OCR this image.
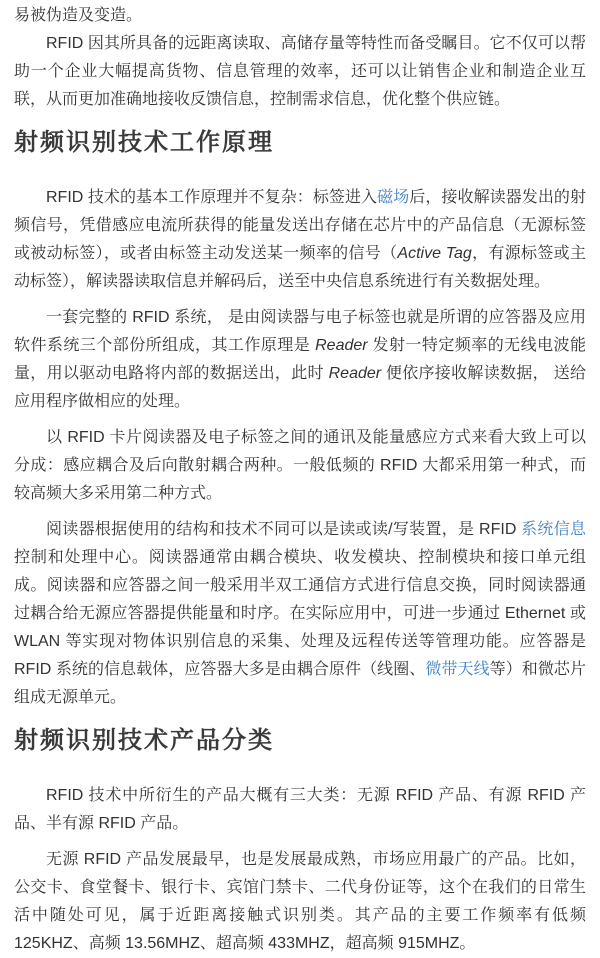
易被伪造及变造。

RFID 因其所具备的远距离读取、高储存量等特性而备受瞩目。它不仅可以帮助一个企业大幅提高货物、信息管理的效率，还可以让销售企业和制造企业互联，从而更加准确地接收反馈信息，控制需求信息，优化整个供应链。

射频识别技术工作原理

RFID 技术的基本工作原理并不复杂：标签进入磁场后，接收解读器发出的射频信号，凭借感应电流所获得的能量发送出存储在芯片中的产品信息（无源标签或被动标签），或者由标签主动发送某一频率的信号（Active Tag，有源标签或主动标签），解读器读取信息并解码后，送至中央信息系统进行有关数据处理。

一套完整的 RFID 系统， 是由阅读器与电子标签也就是所谓的应答器及应用软件系统三个部份所组成，其工作原理是 Reader 发射一特定频率的无线电波能量，用以驱动电路将内部的数据送出，此时 Reader 便依序接收解读数据， 送给应用程序做相应的处理。

以 RFID 卡片阅读器及电子标签之间的通讯及能量感应方式来看大致上可以分成：感应耦合及后向散射耦合两种。一般低频的 RFID 大都采用第一种式，而较高频大多采用第二种方式。

阅读器根据使用的结构和技术不同可以是读或读/写装置，是 RFID 系统信息控制和处理中心。阅读器通常由耦合模块、收发模块、控制模块和接口单元组成。阅读器和应答器之间一般采用半双工通信方式进行信息交换，同时阅读器通过耦合给无源应答器提供能量和时序。在实际应用中，可进一步通过 Ethernet 或 WLAN 等实现对物体识别信息的采集、处理及远程传送等管理功能。应答器是 RFID 系统的信息载体，应答器大多是由耦合原件（线圈、微带天线等）和微芯片组成无源单元。

射频识别技术产品分类

RFID 技术中所衍生的产品大概有三大类：无源 RFID 产品、有源 RFID 产品、半有源 RFID 产品。

无源 RFID 产品发展最早，也是发展最成熟，市场应用最广的产品。比如，公交卡、食堂餐卡、银行卡、宾馆门禁卡、二代身份证等，这个在我们的日常生活中随处可见，属于近距离接触式识别类。其产品的主要工作频率有低频 125KHZ、高频 13.56MHZ、超高频 433MHZ，超高频 915MHZ。
